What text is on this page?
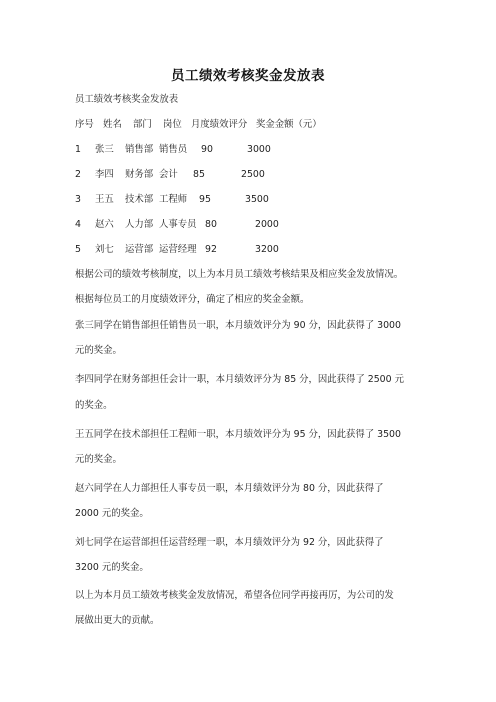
员工绩效考核奖金发放表
员工绩效考核奖金发放表
序号 姓名 部门 岗位 月度绩效评分 奖金金额（元）
1 张三 销售部 销售员 90	3000
2 李四 财务部 会计 85	2500
3 王五 技术部 工程师 95	3500
4 赵六 人力部 人事专员 80	2000
5 刘七 运营部 运营经理 92	3200
根据公司的绩效考核制度，以上为本月员工绩效考核结果及相应奖金发放情况。
根据每位员工的月度绩效评分，确定了相应的奖金金额。
张三同学在销售部担任销售员一职，本月绩效评分为 90 分，因此获得了 3000
元的奖金。
李四同学在财务部担任会计一职，本月绩效评分为 85 分，因此获得了 2500 元
的奖金。
王五同学在技术部担任工程师一职，本月绩效评分为 95 分，因此获得了 3500
元的奖金。
赵六同学在人力部担任人事专员一职，本月绩效评分为 80 分，因此获得了
2000 元的奖金。
刘七同学在运营部担任运营经理一职，本月绩效评分为 92 分，因此获得了
3200 元的奖金。
以上为本月员工绩效考核奖金发放情况，希望各位同学再接再厉，为公司的发
展做出更大的贡献。
